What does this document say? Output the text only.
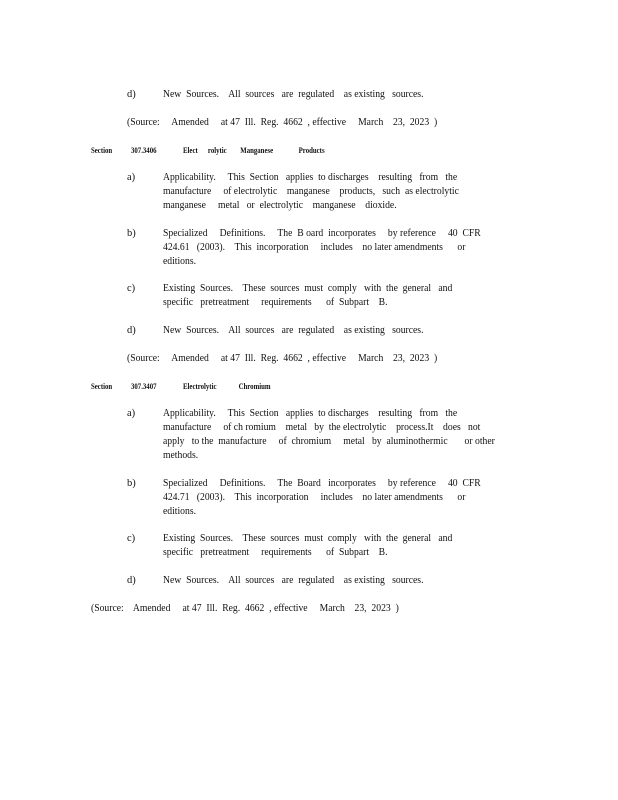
d)	New  Sources.    All  sources   are  regulated    as existing   sources.
(Source:     Amended     at 47  Ill.  Reg.  4662  , effective     March    23,  2023  )
Section 307.3406	Elect      rolytic        Manganese               Products
a)	Applicability.     This  Section   applies  to discharges    resulting   from   the
manufacture     of electrolytic    manganese    products,   such  as electrolytic
manganese     metal   or  electrolytic    manganese    dioxide.
b)	Specialized     Definitions.     The  B oard  incorporates     by reference     40  CFR
424.61   (2003).    This  incorporation     includes    no later amendments      or
editions.
c)	Existing  Sources.    These  sources  must  comply   with  the  general   and
specific   pretreatment     requirements      of  Subpart    B.
d)	New  Sources.    All  sources   are  regulated    as existing   sources.
(Source:     Amended     at 47  Ill.  Reg.  4662  , effective     March    23,  2023  )
Section 307.3407	Electrolytic             Chromium
a)	Applicability.     This  Section   applies  to discharges    resulting   from   the
manufacture     of ch romium    metal   by  the electrolytic    process.It    does   not
apply   to the  manufacture     of  chromium     metal   by  aluminothermic       or other
methods.
b)	Specialized     Definitions.     The  Board   incorporates     by reference     40  CFR
424.71   (2003).    This  incorporation     includes    no later amendments      or
editions.
c)	Existing  Sources.    These  sources  must  comply   with  the  general   and
specific   pretreatment     requirements      of  Subpart    B.
d)	New  Sources.    All  sources   are  regulated    as existing   sources.
(Source:    Amended     at 47  Ill.  Reg.  4662  , effective     March    23,  2023  )
